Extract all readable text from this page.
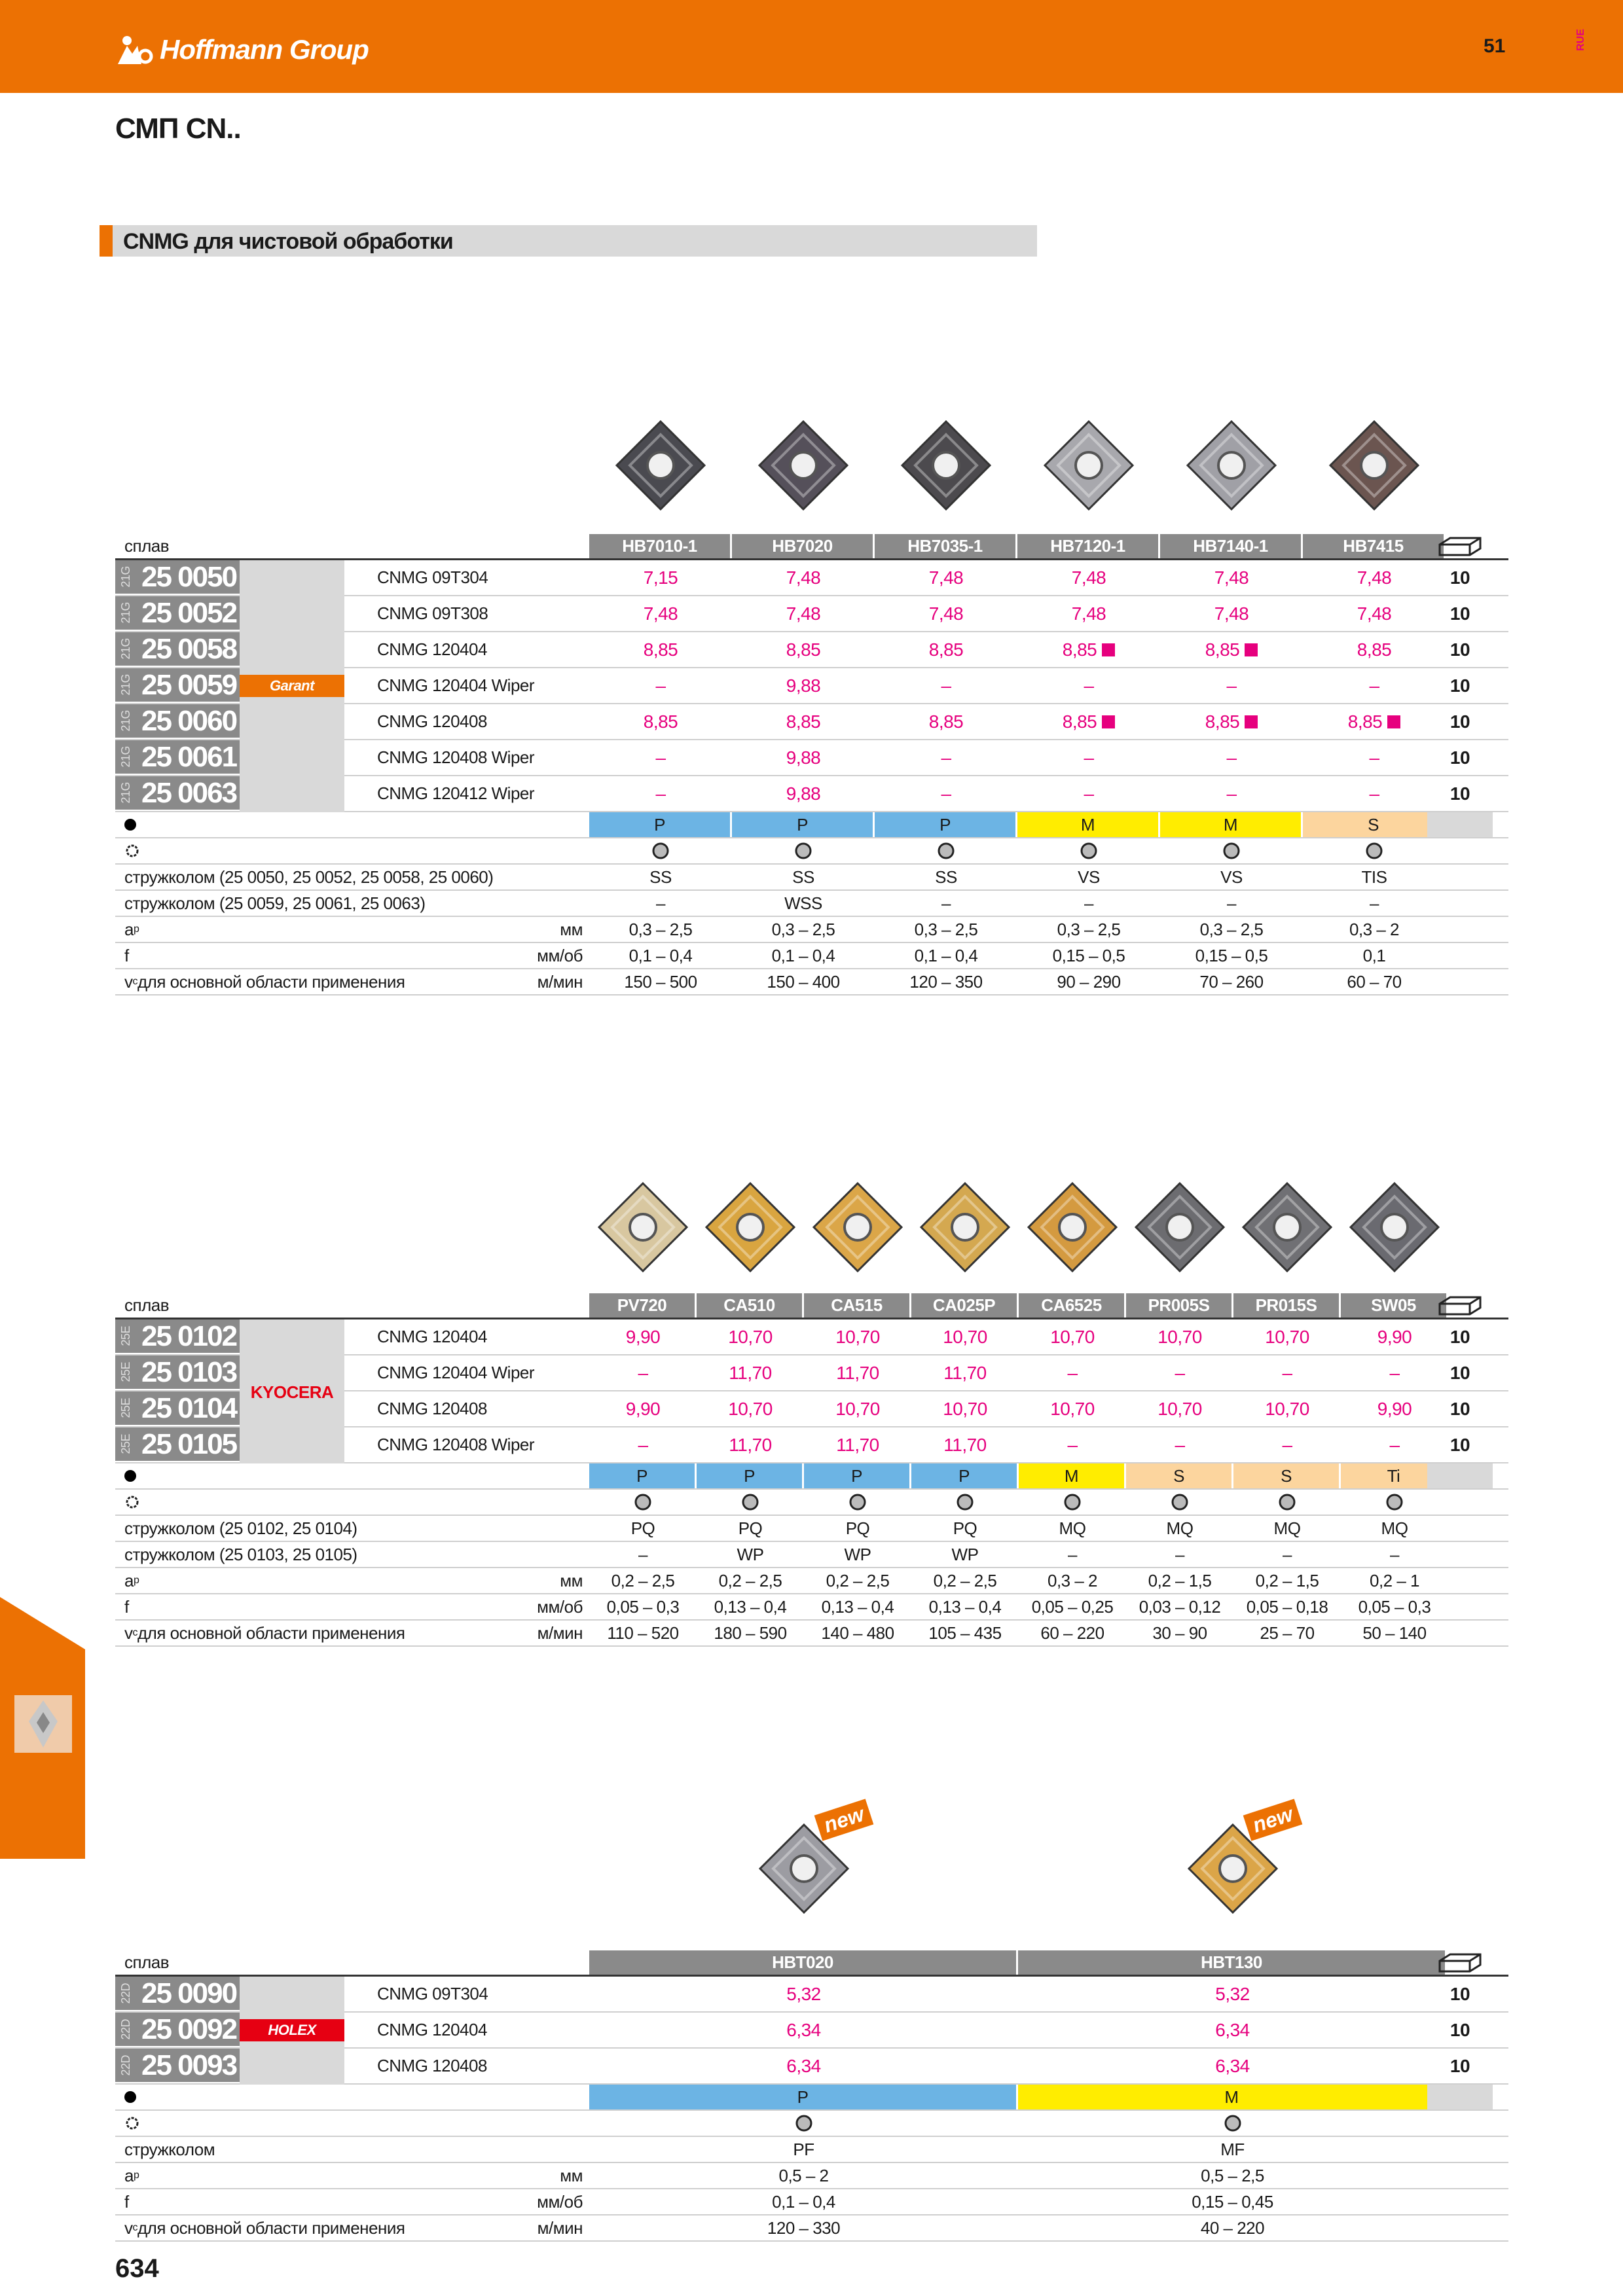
Hoffmann Group	51	RUE
СМП CN..
CNMG для чистовой обработки
сплав	HB7010-1	HB7020	HB7035-1	HB7120-1	HB7140-1	HB7415
21G 25 0050	CNMG 09T304	7,15	7,48	7,48	7,48	7,48	7,48	10
21G 25 0052	CNMG 09T308	7,48	7,48	7,48	7,48	7,48	7,48	10
21G 25 0058	CNMG 120404	8,85	8,85	8,85	8,85	8,85	8,85	10
21G 25 0059	CNMG 120404 Wiper	–	9,88	–	–	–	–	10
21G 25 0060	CNMG 120408	8,85	8,85	8,85	8,85	8,85	8,85	10
21G 25 0061	CNMG 120408 Wiper	–	9,88	–	–	–	–	10
21G 25 0063	CNMG 120412 Wiper	–	9,88	–	–	–	–	10
Garant
P	P	P	M	M	S
стружколом (25 0050, 25 0052, 25 0058, 25 0060)	SS	SS	SS	VS	VS	TIS
стружколом (25 0059, 25 0061, 25 0063)	–	WSS	–	–	–	–
a p	мм	0,3 – 2,5	0,3 – 2,5	0,3 – 2,5	0,3 – 2,5	0,3 – 2,5	0,3 – 2
f	мм/об	0,1 – 0,4	0,1 – 0,4	0,1 – 0,4	0,15 – 0,5	0,15 – 0,5	0,1
v c для основной области применения	м/мин	150 – 500	150 – 400	120 – 350	90 – 290	70 – 260	60 – 70
сплав	PV720	CA510	CA515	CA025P	CA6525	PR005S	PR015S	SW05
25E 25 0102	CNMG 120404	9,90	10,70	10,70	10,70	10,70	10,70	10,70	9,90	10
25E 25 0103	CNMG 120404 Wiper	–	11,70	11,70	11,70	–	–	–	–	10
25E 25 0104	CNMG 120408	9,90	10,70	10,70	10,70	10,70	10,70	10,70	9,90	10
25E 25 0105	CNMG 120408 Wiper	–	11,70	11,70	11,70	–	–	–	–	10
KYOCERA
P	P	P	P	M	S	S	Ti
стружколом (25 0102, 25 0104)	PQ	PQ	PQ	PQ	MQ	MQ	MQ	MQ
стружколом (25 0103, 25 0105)	–	WP	WP	WP	–	–	–	–
a p	мм	0,2 – 2,5	0,2 – 2,5	0,2 – 2,5	0,2 – 2,5	0,3 – 2	0,2 – 1,5	0,2 – 1,5	0,2 – 1
f	мм/об	0,05 – 0,3	0,13 – 0,4	0,13 – 0,4	0,13 – 0,4	0,05 – 0,25	0,03 – 0,12	0,05 – 0,18	0,05 – 0,3
v c для основной области применения	м/мин	110 – 520	180 – 590	140 – 480	105 – 435	60 – 220	30 – 90	25 – 70	50 – 140
сплав	HBT020	HBT130
22D 25 0090	CNMG 09T304	5,32	5,32	10
22D 25 0092	CNMG 120404	6,34	6,34	10
22D 25 0093	CNMG 120408	6,34	6,34	10
HOLEX
P	M
стружколом	PF	MF
a p	мм	0,5 – 2	0,5 – 2,5
f	мм/об	0,1 – 0,4	0,15 – 0,45
v c для основной области применения	м/мин	120 – 330	40 – 220
634
new	new
